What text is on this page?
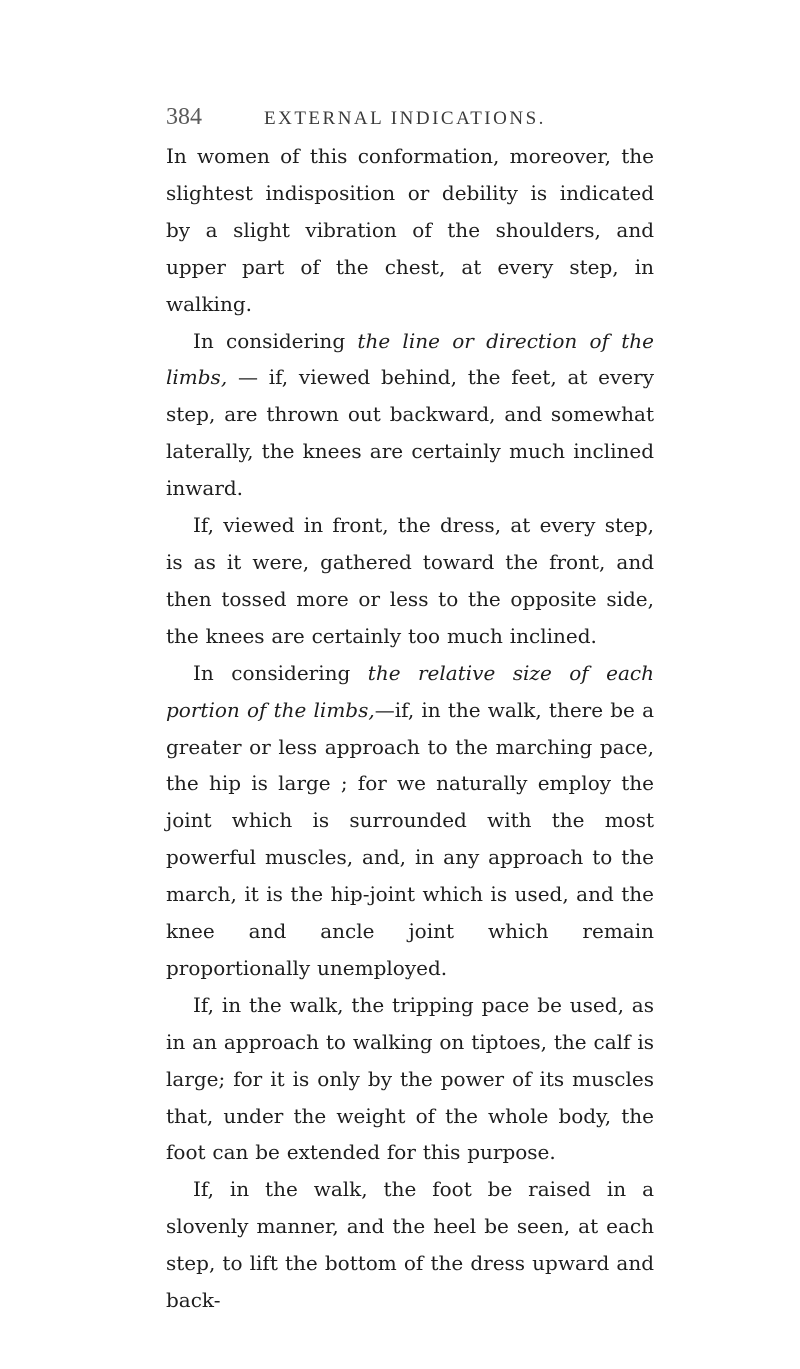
384	EXTERNAL INDICATIONS.

In women of this conformation, moreover, the slightest indisposition or debility is indicated by a slight vibration of the shoulders, and upper part of the chest, at every step, in walking.

In considering the line or direction of the limbs, — if, viewed behind, the feet, at every step, are thrown out backward, and somewhat laterally, the knees are certainly much inclined inward.

If, viewed in front, the dress, at every step, is as it were, gathered toward the front, and then tossed more or less to the opposite side, the knees are certainly too much inclined.

In considering the relative size of each portion of the limbs,—if, in the walk, there be a greater or less approach to the marching pace, the hip is large ; for we naturally employ the joint which is surrounded with the most powerful muscles, and, in any approach to the march, it is the hip-joint which is used, and the knee and ancle joint which remain proportionally unemployed.

If, in the walk, the tripping pace be used, as in an approach to walking on tiptoes, the calf is large; for it is only by the power of its muscles that, under the weight of the whole body, the foot can be extended for this purpose.

If, in the walk, the foot be raised in a slovenly manner, and the heel be seen, at each step, to lift the bottom of the dress upward and back-
